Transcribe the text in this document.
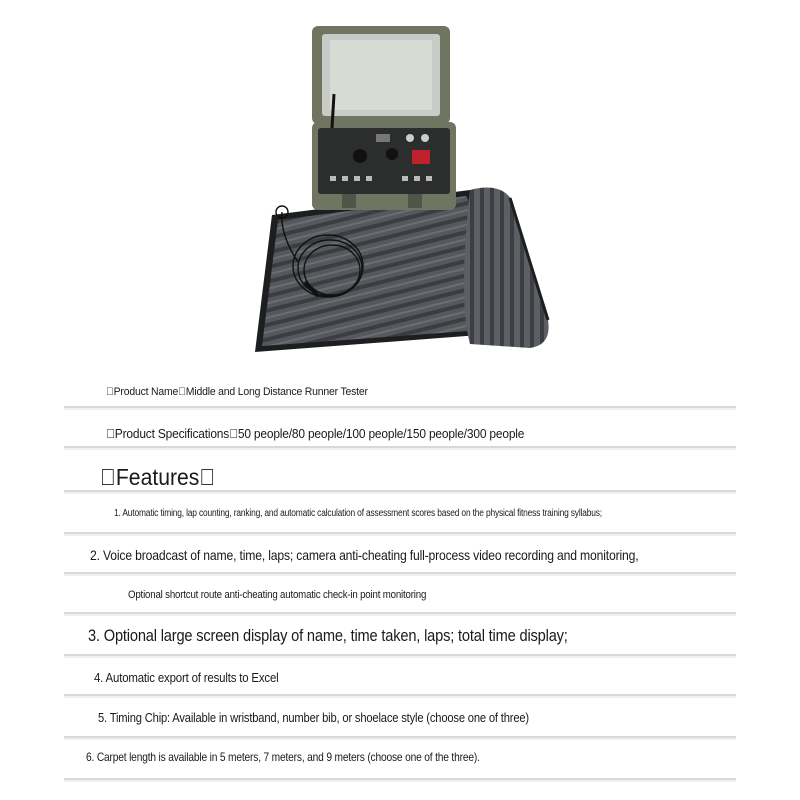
 Product Name Middle and Long Distance Runner Tester
 Product Specifications 50 people/80 people/100 people/150 people/300 people
 Features 
1. Automatic timing, lap counting, ranking, and automatic calculation of assessment scores based on the physical fitness training syllabus;
2. Voice broadcast of name, time, laps; camera anti-cheating full-process video recording and monitoring,
Optional shortcut route anti-cheating automatic check-in point monitoring
3. Optional large screen display of name, time taken, laps; total time display;
4. Automatic export of results to Excel
5. Timing Chip: Available in wristband, number bib, or shoelace style (choose one of three)
6. Carpet length is available in 5 meters, 7 meters, and 9 meters (choose one of the three).
